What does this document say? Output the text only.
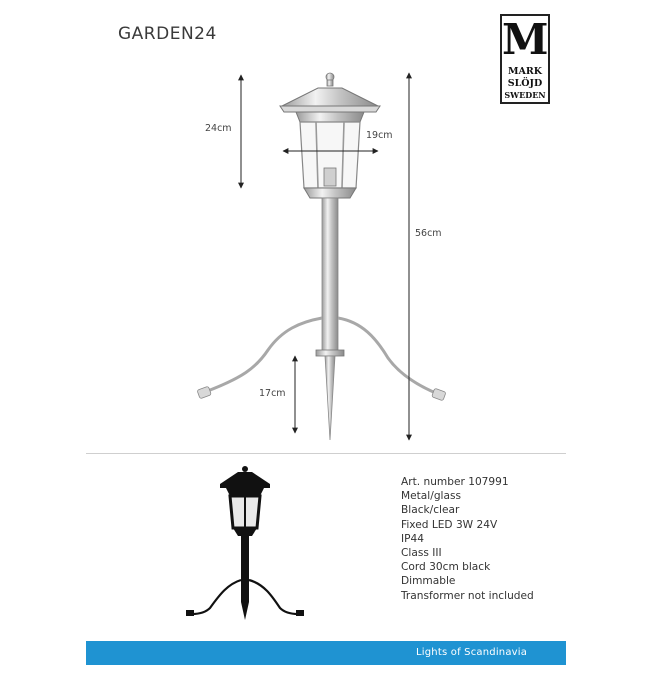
GARDEN24	M
MARK
SLÖJD
SWEDEN
24cm
19cm
56cm
17cm
Art. number 107991
Metal/glass
Black/clear
Fixed LED 3W 24V
IP44
Class III
Cord 30cm black
Dimmable
Transformer not included
Lights of Scandinavia
